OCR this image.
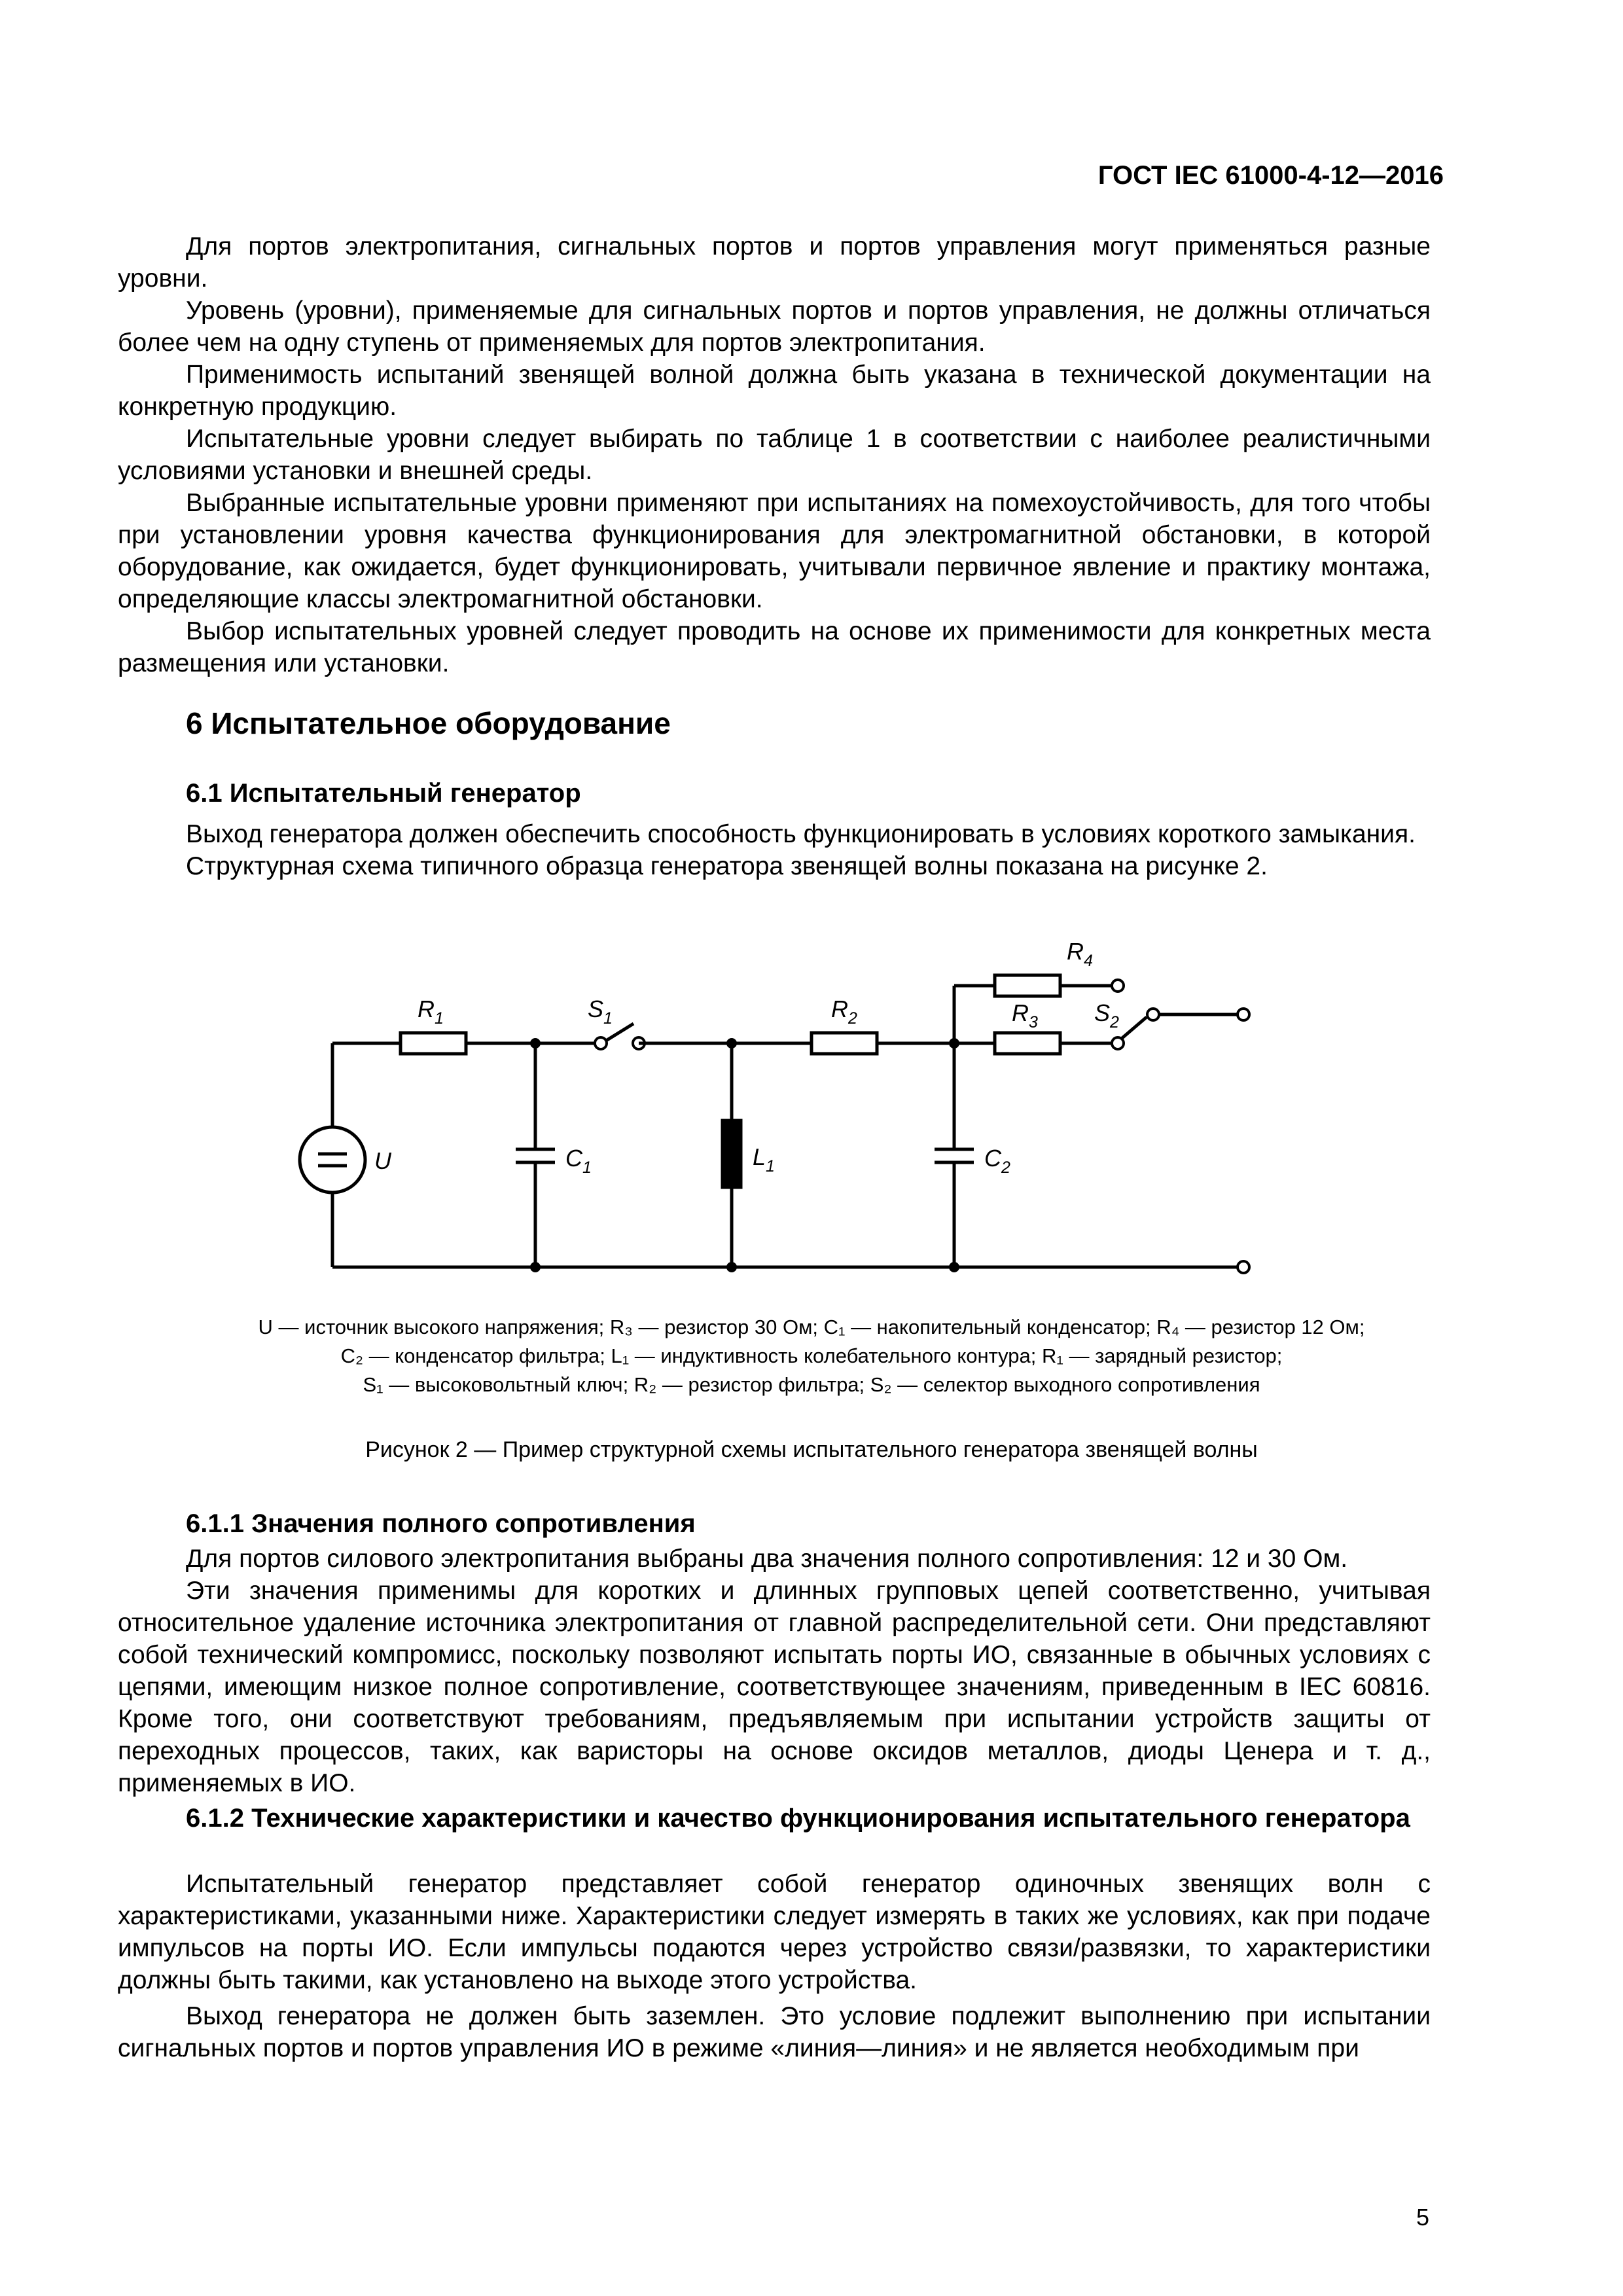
ГОСТ IEC 61000-4-12—2016

Для портов электропитания, сигнальных портов и портов управления могут применяться разные уровни.

Уровень (уровни), применяемые для сигнальных портов и портов управления, не должны отличаться более чем на одну ступень от применяемых для портов электропитания.

Применимость испытаний звенящей волной должна быть указана в технической документации на конкретную продукцию.

Испытательные уровни следует выбирать по таблице 1 в соответствии с наиболее реалистичными условиями установки и внешней среды.

Выбранные испытательные уровни применяют при испытаниях на помехоустойчивость, для того чтобы при установлении уровня качества функционирования для электромагнитной обстановки, в которой оборудование, как ожидается, будет функционировать, учитывали первичное явление и практику монтажа, определяющие классы электромагнитной обстановки.

Выбор испытательных уровней следует проводить на основе их применимости для конкретных места размещения или установки.

6 Испытательное оборудование
6.1 Испытательный генератор

Выход генератора должен обеспечить способность функционировать в условиях короткого замыкания.

Структурная схема типичного образца генератора звенящей волны показана на рисунке 2.

$R_1$	$S_1$	$R_2$
$R_4$
$R_3$ $S_2$
U	$C_1$	$L_1$	$C_2$
U — источник высокого напряжения; R₃ — резистор 30 Ом; C₁ — накопительный конденсатор; R₄ — резистор 12 Ом;
C₂ — конденсатор фильтра; L₁ — индуктивность колебательного контура; R₁ — зарядный резистор;
S₁ — высоковольтный ключ; R₂ — резистор фильтра; S₂ — селектор выходного сопротивления
Рисунок 2 — Пример структурной схемы испытательного генератора звенящей волны
6.1.1 Значения полного сопротивления

Для портов силового электропитания выбраны два значения полного сопротивления: 12 и 30 Ом.

Эти значения применимы для коротких и длинных групповых цепей соответственно, учитывая относительное удаление источника электропитания от главной распределительной сети. Они представляют собой технический компромисс, поскольку позволяют испытать порты ИО, связанные в обычных условиях с цепями, имеющим низкое полное сопротивление, соответствующее значениям, приведенным в IEC 60816. Кроме того, они соответствуют требованиям, предъявляемым при испытании устройств защиты от переходных процессов, таких, как варисторы на основе оксидов металлов, диоды Ценера и т. д., применяемых в ИО.

6.1.2 Технические характеристики и качество функционирования испытательного генератора

Испытательный генератор представляет собой генератор одиночных звенящих волн с характеристиками, указанными ниже. Характеристики следует измерять в таких же условиях, как при подаче импульсов на порты ИО. Если импульсы подаются через устройство связи/развязки, то характеристики должны быть такими, как установлено на выходе этого устройства.

Выход генератора не должен быть заземлен. Это условие подлежит выполнению при испытании сигнальных портов и портов управления ИО в режиме «линия—линия» и не является необходимым при

5
